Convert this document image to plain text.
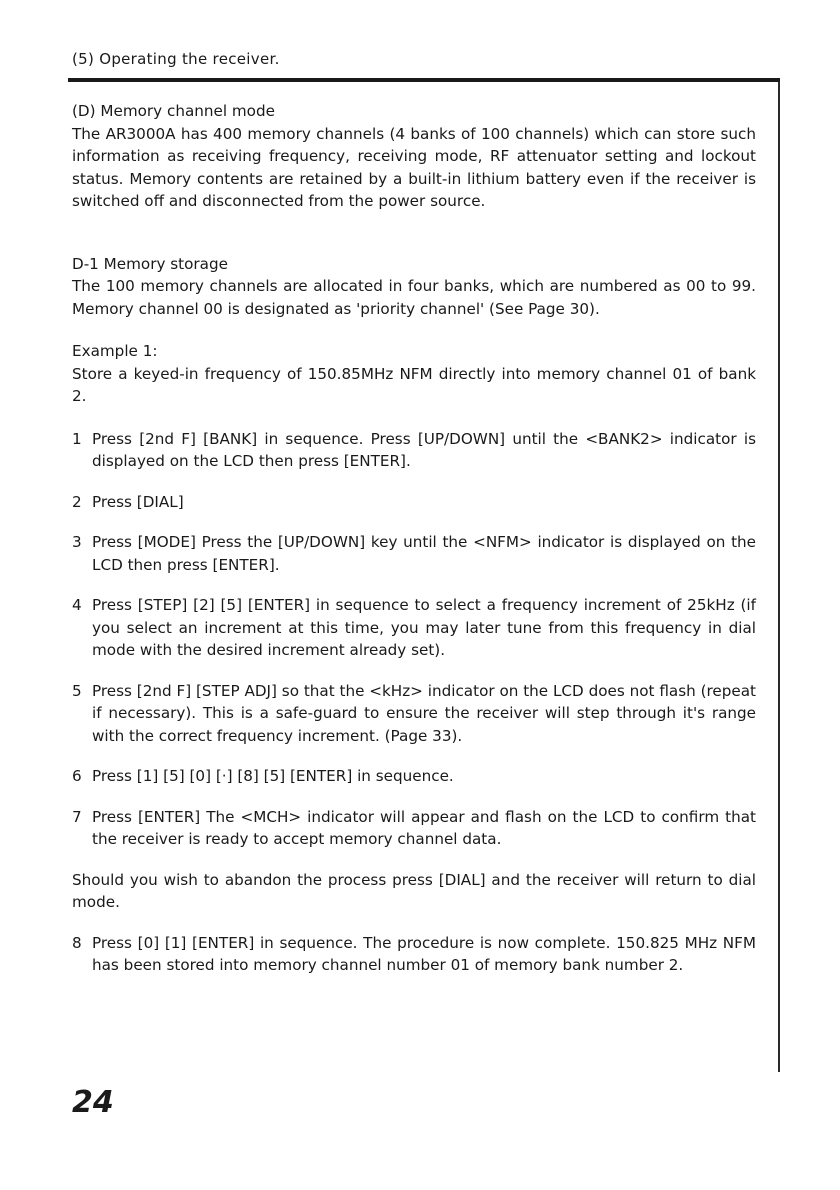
(5) Operating the receiver.

(D) Memory channel mode

The AR3000A has 400 memory channels (4 banks of 100 channels) which can store such information as receiving frequency, receiving mode, RF attenuator setting and lockout status. Memory contents are retained by a built-in lithium battery even if the receiver is switched off and disconnected from the power source.

D-1 Memory storage

The 100 memory channels are allocated in four banks, which are numbered as 00 to 99. Memory channel 00 is designated as 'priority channel' (See Page 30).

Example 1:

Store a keyed-in frequency of 150.85MHz NFM directly into memory channel 01 of bank 2.

1 Press [2nd F] [BANK] in sequence. Press [UP/DOWN] until the <BANK2> indicator is displayed on the LCD then press [ENTER].
2 Press [DIAL]
3 Press [MODE] Press the [UP/DOWN] key until the <NFM> indicator is displayed on the LCD then press [ENTER].
4 Press [STEP] [2] [5] [ENTER] in sequence to select a frequency increment of 25kHz (if you select an increment at this time, you may later tune from this frequency in dial mode with the desired increment already set).
5 Press [2nd F] [STEP ADJ] so that the <kHz> indicator on the LCD does not flash (repeat if necessary). This is a safe-guard to ensure the receiver will step through it's range with the correct frequency increment. (Page 33).
6 Press [1] [5] [0] [·] [8] [5] [ENTER] in sequence.
7 Press [ENTER] The <MCH> indicator will appear and flash on the LCD to confirm that the receiver is ready to accept memory channel data.

Should you wish to abandon the process press [DIAL] and the receiver will return to dial mode.

8 Press [0] [1] [ENTER] in sequence. The procedure is now complete. 150.825 MHz NFM has been stored into memory channel number 01 of memory bank number 2.
24
